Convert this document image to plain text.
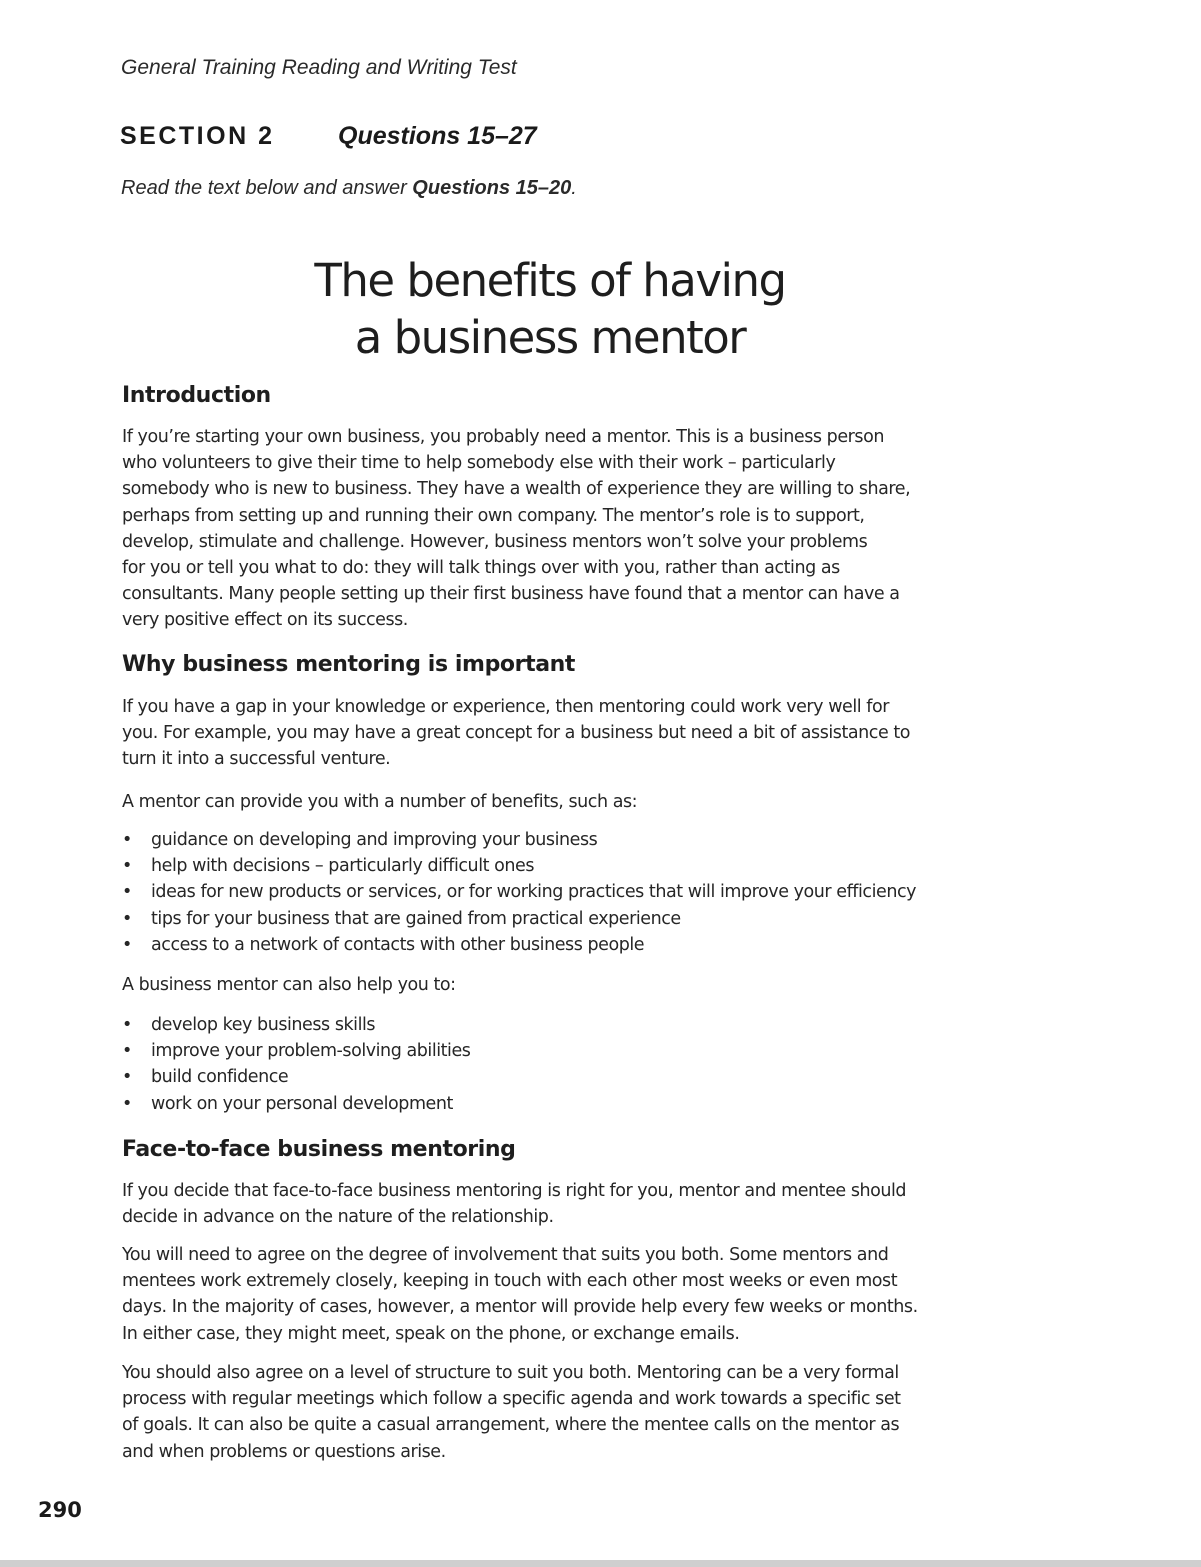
General Training Reading and Writing Test
SECTION 2	Questions 15–27
Read the text below and answer Questions 15–20.
The benefits of having
a business mentor
Introduction
If you’re starting your own business, you probably need a mentor. This is a business person
who volunteers to give their time to help somebody else with their work – particularly
somebody who is new to business. They have a wealth of experience they are willing to share,
perhaps from setting up and running their own company. The mentor’s role is to support,
develop, stimulate and challenge. However, business mentors won’t solve your problems
for you or tell you what to do: they will talk things over with you, rather than acting as
consultants. Many people setting up their first business have found that a mentor can have a
very positive effect on its success.
Why business mentoring is important
If you have a gap in your knowledge or experience, then mentoring could work very well for
you. For example, you may have a great concept for a business but need a bit of assistance to
turn it into a successful venture.
A mentor can provide you with a number of benefits, such as:
• guidance on developing and improving your business
• help with decisions – particularly difficult ones
• ideas for new products or services, or for working practices that will improve your efficiency
• tips for your business that are gained from practical experience
• access to a network of contacts with other business people
A business mentor can also help you to:
• develop key business skills
• improve your problem-solving abilities
• build confidence
• work on your personal development
Face-to-face business mentoring
If you decide that face-to-face business mentoring is right for you, mentor and mentee should
decide in advance on the nature of the relationship.
You will need to agree on the degree of involvement that suits you both. Some mentors and
mentees work extremely closely, keeping in touch with each other most weeks or even most
days. In the majority of cases, however, a mentor will provide help every few weeks or months.
In either case, they might meet, speak on the phone, or exchange emails.
You should also agree on a level of structure to suit you both. Mentoring can be a very formal
process with regular meetings which follow a specific agenda and work towards a specific set
of goals. It can also be quite a casual arrangement, where the mentee calls on the mentor as
and when problems or questions arise.
290
